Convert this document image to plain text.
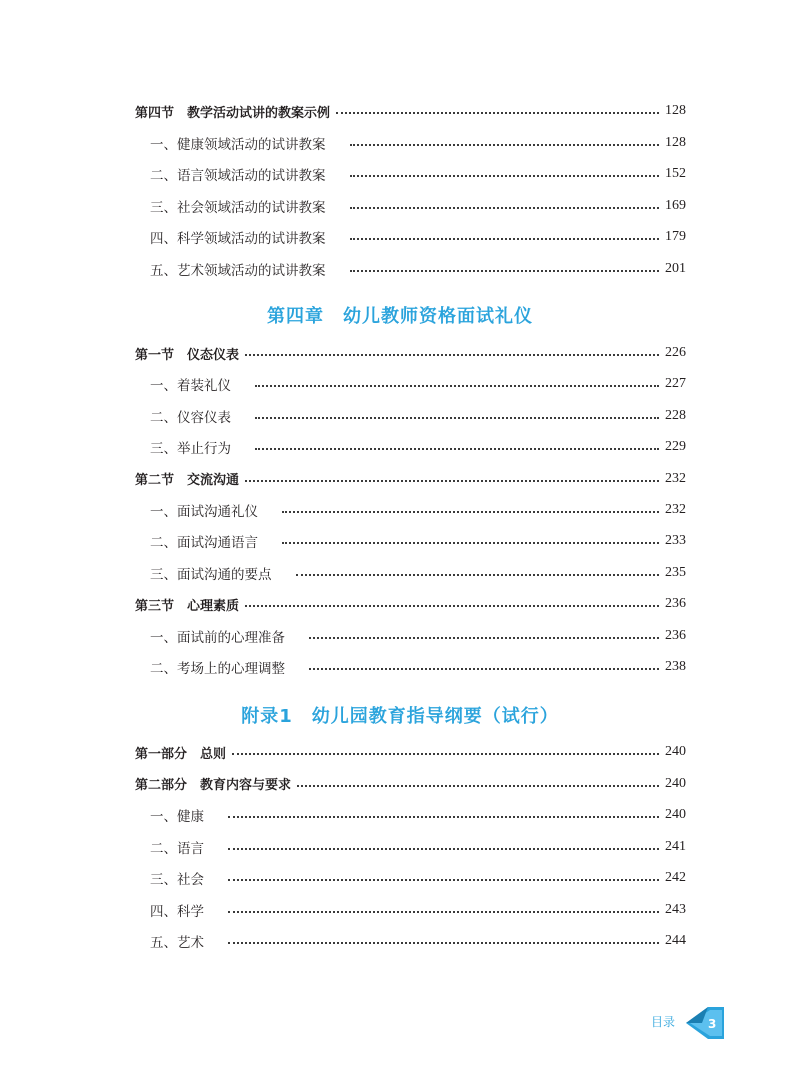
第四节　教学活动试讲的教案示例	128
一、健康领域活动的试讲教案	128
二、语言领域活动的试讲教案	152
三、社会领域活动的试讲教案	169
四、科学领域活动的试讲教案	179
五、艺术领域活动的试讲教案	201
第四章　幼儿教师资格面试礼仪
第一节　仪态仪表	226
一、着装礼仪	227
二、仪容仪表	228
三、举止行为	229
第二节　交流沟通	232
一、面试沟通礼仪	232
二、面试沟通语言	233
三、面试沟通的要点	235
第三节　心理素质	236
一、面试前的心理准备	236
二、考场上的心理调整	238
附录1　幼儿园教育指导纲要（试行）
第一部分　总则	240
第二部分　教育内容与要求	240
一、健康	240
二、语言	241
三、社会	242
四、科学	243
五、艺术	244
目录	3
